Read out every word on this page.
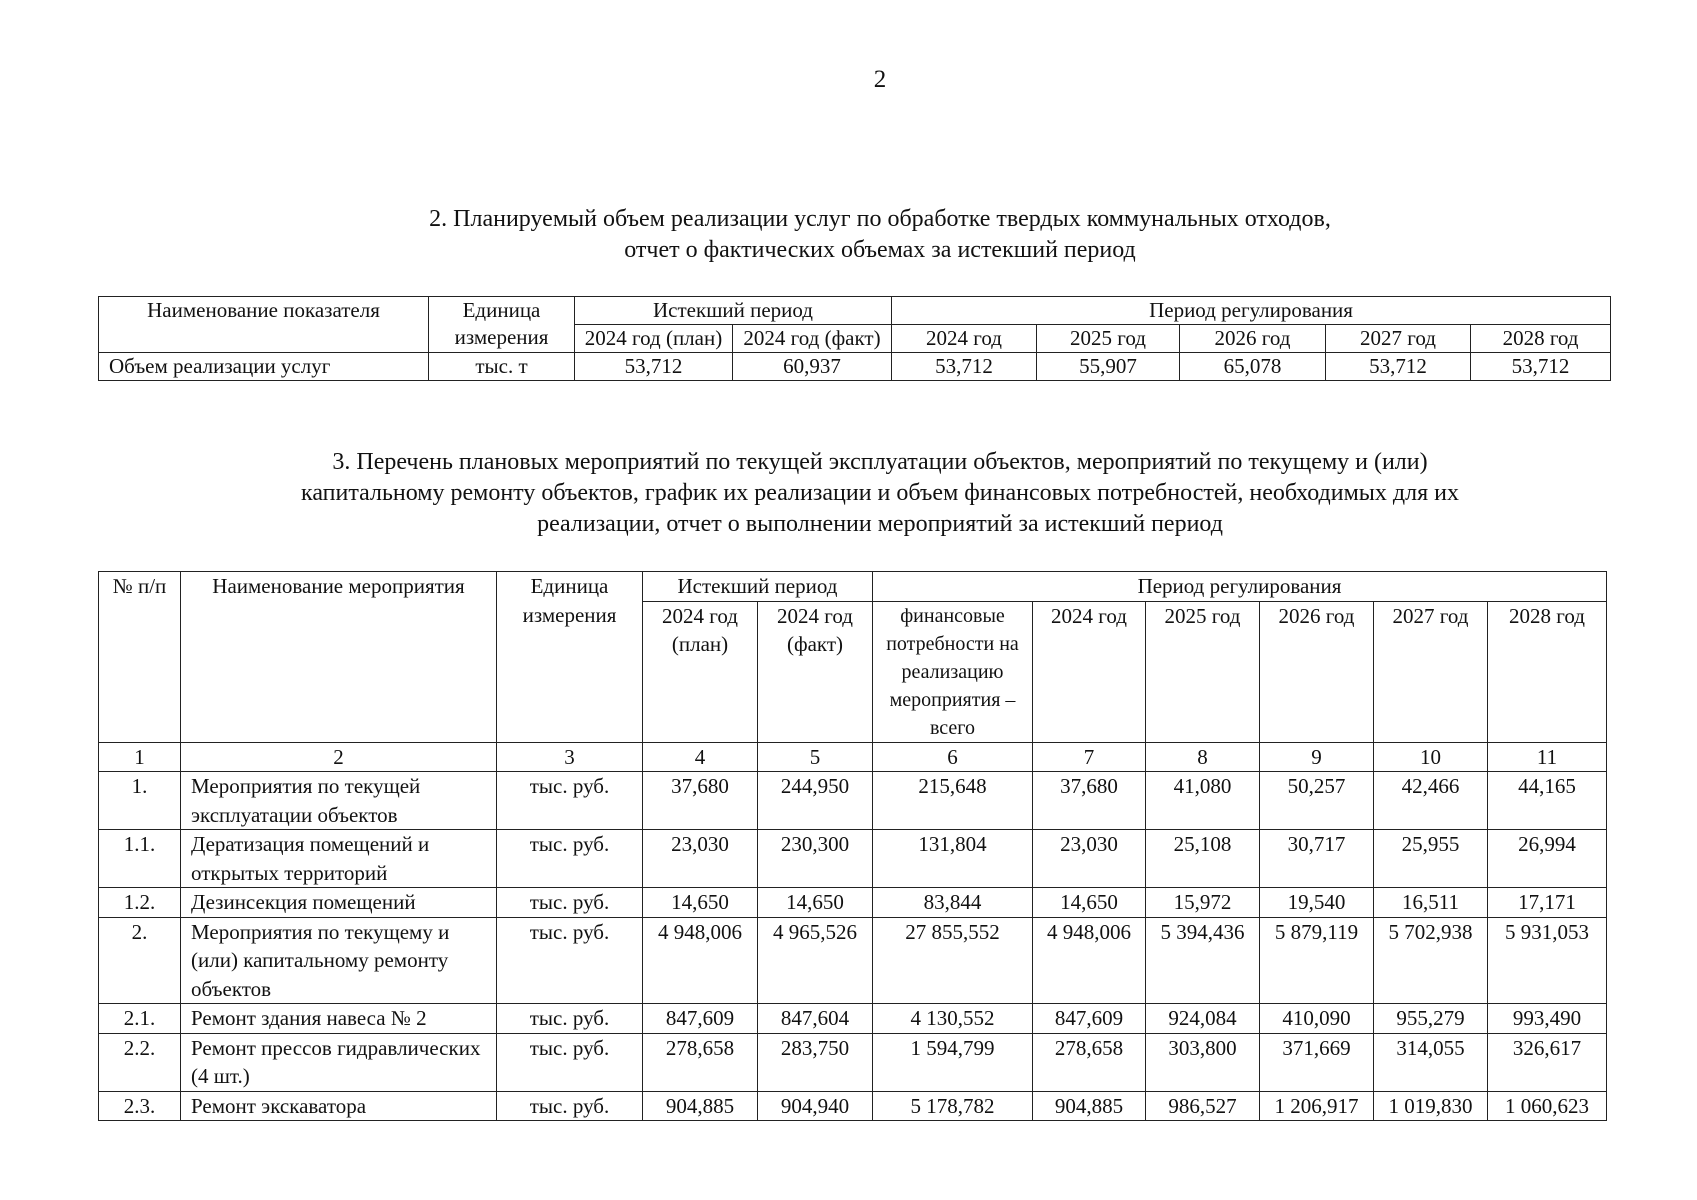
2
2. Планируемый объем реализации услуг по обработке твердых коммунальных отходов,
отчет о фактических объемах за истекший период
Наименование показателя	Единица измерения	Истекший период		Период регулирования				
		2024 год (план)	2024 год (факт)	2024 год	2025 год	2026 год	2027 год	2028 год
Объем реализации услуг	тыс. т	53,712	60,937	53,712	55,907	65,078	53,712	53,712
3. Перечень плановых мероприятий по текущей эксплуатации объектов, мероприятий по текущему и (или)
капитальному ремонту объектов, график их реализации и объем финансовых потребностей, необходимых для их
реализации, отчет о выполнении мероприятий за истекший период
№ п/п	Наименование мероприятия	Единица измерения	Истекший период		Период регулирования					
			2024 год (план)	2024 год (факт)	финансовые потребности на реализацию мероприятия – всего	2024 год	2025 год	2026 год	2027 год	2028 год
1	2	3	4	5	6	7	8	9	10	11
1.	Мероприятия по текущей эксплуатации объектов	тыс. руб.	37,680	244,950	215,648	37,680	41,080	50,257	42,466	44,165
1.1.	Дератизация помещений и открытых территорий	тыс. руб.	23,030	230,300	131,804	23,030	25,108	30,717	25,955	26,994
1.2.	Дезинсекция помещений	тыс. руб.	14,650	14,650	83,844	14,650	15,972	19,540	16,511	17,171
2.	Мероприятия по текущему и (или) капитальному ремонту объектов	тыс. руб.	4 948,006	4 965,526	27 855,552	4 948,006	5 394,436	5 879,119	5 702,938	5 931,053
2.1.	Ремонт здания навеса № 2	тыс. руб.	847,609	847,604	4 130,552	847,609	924,084	410,090	955,279	993,490
2.2.	Ремонт прессов гидравлических (4 шт.)	тыс. руб.	278,658	283,750	1 594,799	278,658	303,800	371,669	314,055	326,617
2.3.	Ремонт экскаватора	тыс. руб.	904,885	904,940	5 178,782	904,885	986,527	1 206,917	1 019,830	1 060,623
